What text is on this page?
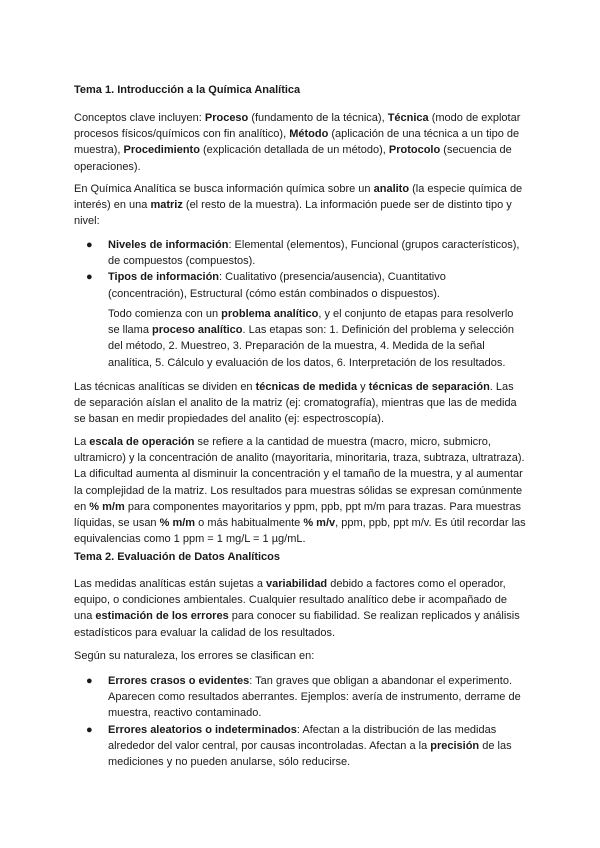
Tema 1. Introducción a la Química Analítica

Conceptos clave incluyen: Proceso (fundamento de la técnica), Técnica (modo de explotar procesos físicos/químicos con fin analítico), Método (aplicación de una técnica a un tipo de muestra), Procedimiento (explicación detallada de un método), Protocolo (secuencia de operaciones).

En Química Analítica se busca información química sobre un analito (la especie química de interés) en una matriz (el resto de la muestra). La información puede ser de distinto tipo y nivel:

● Niveles de información: Elemental (elementos), Funcional (grupos característicos), de compuestos (compuestos).
● Tipos de información: Cualitativo (presencia/ausencia), Cuantitativo (concentración), Estructural (cómo están combinados o dispuestos).

Todo comienza con un problema analítico, y el conjunto de etapas para resolverlo se llama proceso analítico. Las etapas son: 1. Definición del problema y selección del método, 2. Muestreo, 3. Preparación de la muestra, 4. Medida de la señal analítica, 5. Cálculo y evaluación de los datos, 6. Interpretación de los resultados.

Las técnicas analíticas se dividen en técnicas de medida y técnicas de separación. Las de separación aíslan el analito de la matriz (ej: cromatografía), mientras que las de medida se basan en medir propiedades del analito (ej: espectroscopía).

La escala de operación se refiere a la cantidad de muestra (macro, micro, submicro, ultramicro) y la concentración de analito (mayoritaria, minoritaria, traza, subtraza, ultratraza). La dificultad aumenta al disminuir la concentración y el tamaño de la muestra, y al aumentar la complejidad de la matriz. Los resultados para muestras sólidas se expresan comúnmente en % m/m para componentes mayoritarios y ppm, ppb, ppt m/m para trazas. Para muestras líquidas, se usan % m/m o más habitualmente % m/v, ppm, ppb, ppt m/v. Es útil recordar las equivalencias como 1 ppm = 1 mg/L = 1 µg/mL.

Tema 2. Evaluación de Datos Analíticos

Las medidas analíticas están sujetas a variabilidad debido a factores como el operador, equipo, o condiciones ambientales. Cualquier resultado analítico debe ir acompañado de una estimación de los errores para conocer su fiabilidad. Se realizan replicados y análisis estadísticos para evaluar la calidad de los resultados.

Según su naturaleza, los errores se clasifican en:

● Errores crasos o evidentes: Tan graves que obligan a abandonar el experimento. Aparecen como resultados aberrantes. Ejemplos: avería de instrumento, derrame de muestra, reactivo contaminado.
● Errores aleatorios o indeterminados: Afectan a la distribución de las medidas alrededor del valor central, por causas incontroladas. Afectan a la precisión de las mediciones y no pueden anularse, sólo reducirse.
